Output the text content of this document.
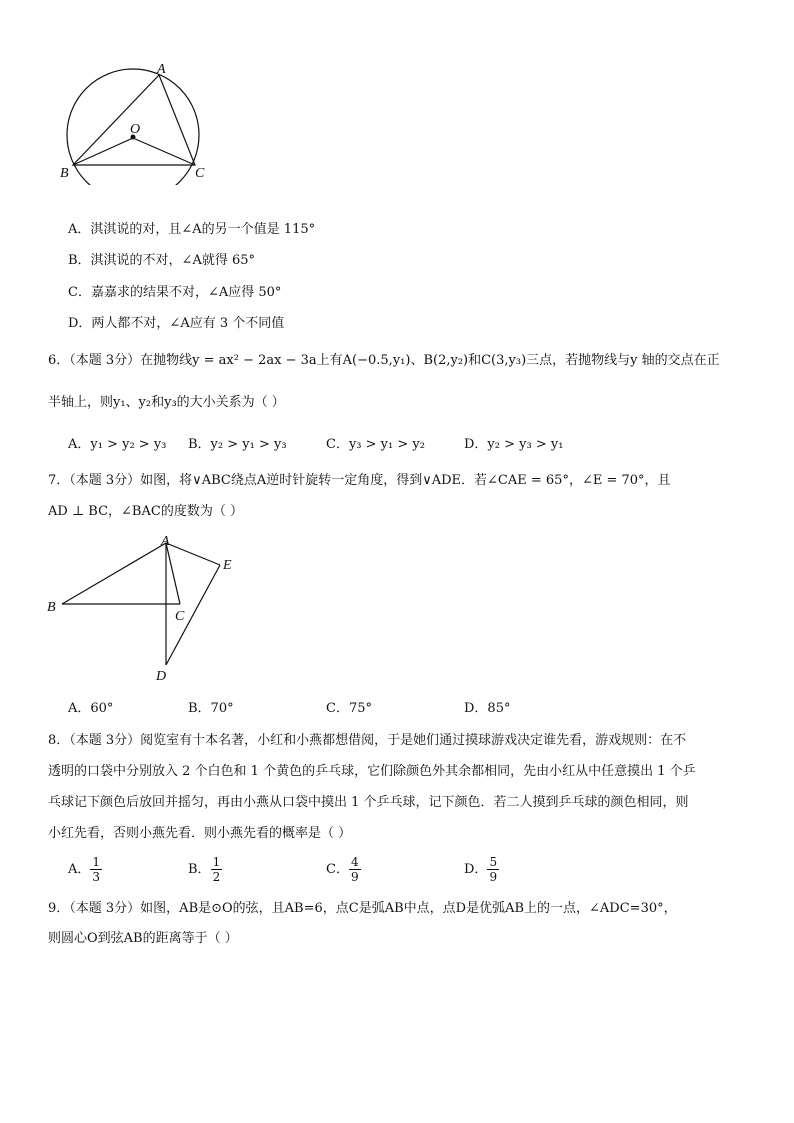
A
O
B	C
A．淇淇说的对，且∠A的另一个值是 115°
B．淇淇说的不对，∠A就得 65°
C．嘉嘉求的结果不对，∠A应得 50°
D．两人都不对，∠A应有 3 个不同值
6．（本题 3分）在抛物线y = ax² − 2ax − 3a上有A(−0.5,y₁)、B(2,y₂)和C(3,y₃)三点，若抛物线与y 轴的交点在正
半轴上，则y₁、y₂和y₃的大小关系为（ ）
A．y₁ > y₂ > y₃ B．y₂ > y₁ > y₃	C．y₃ > y₁ > y₂	D．y₂ > y₃ > y₁
7．（本题 3分）如图，将∨ABC绕点A逆时针旋转一定角度，得到∨ADE．若∠CAE = 65°，∠E = 70°，且
AD ⊥ BC，∠BAC的度数为（ ）
A
B
C
D
E
A．60°	B．70°	C．75°	D．85°
8．（本题 3分）阅览室有十本名著，小红和小燕都想借阅，于是她们通过摸球游戏决定谁先看，游戏规则：在不
透明的口袋中分别放入 2 个白色和 1 个黄色的乒乓球，它们除颜色外其余都相同，先由小红从中任意摸出 1 个乒
乓球记下颜色后放回并摇匀，再由小燕从口袋中摸出 1 个乒乓球，记下颜色．若二人摸到乒乓球的颜色相同，则
小红先看，否则小燕先看．则小燕先看的概率是（ ）
A． $\frac{1}{3}$	B． $\frac{1}{2}$	C． $\frac{4}{9}$	D． $\frac{5}{9}$
9．（本题 3分）如图，AB是⊙O的弦，且AB=6，点C是弧AB中点，点D是优弧AB上的一点，∠ADC=30°，
则圆心O到弦AB的距离等于（ ）
